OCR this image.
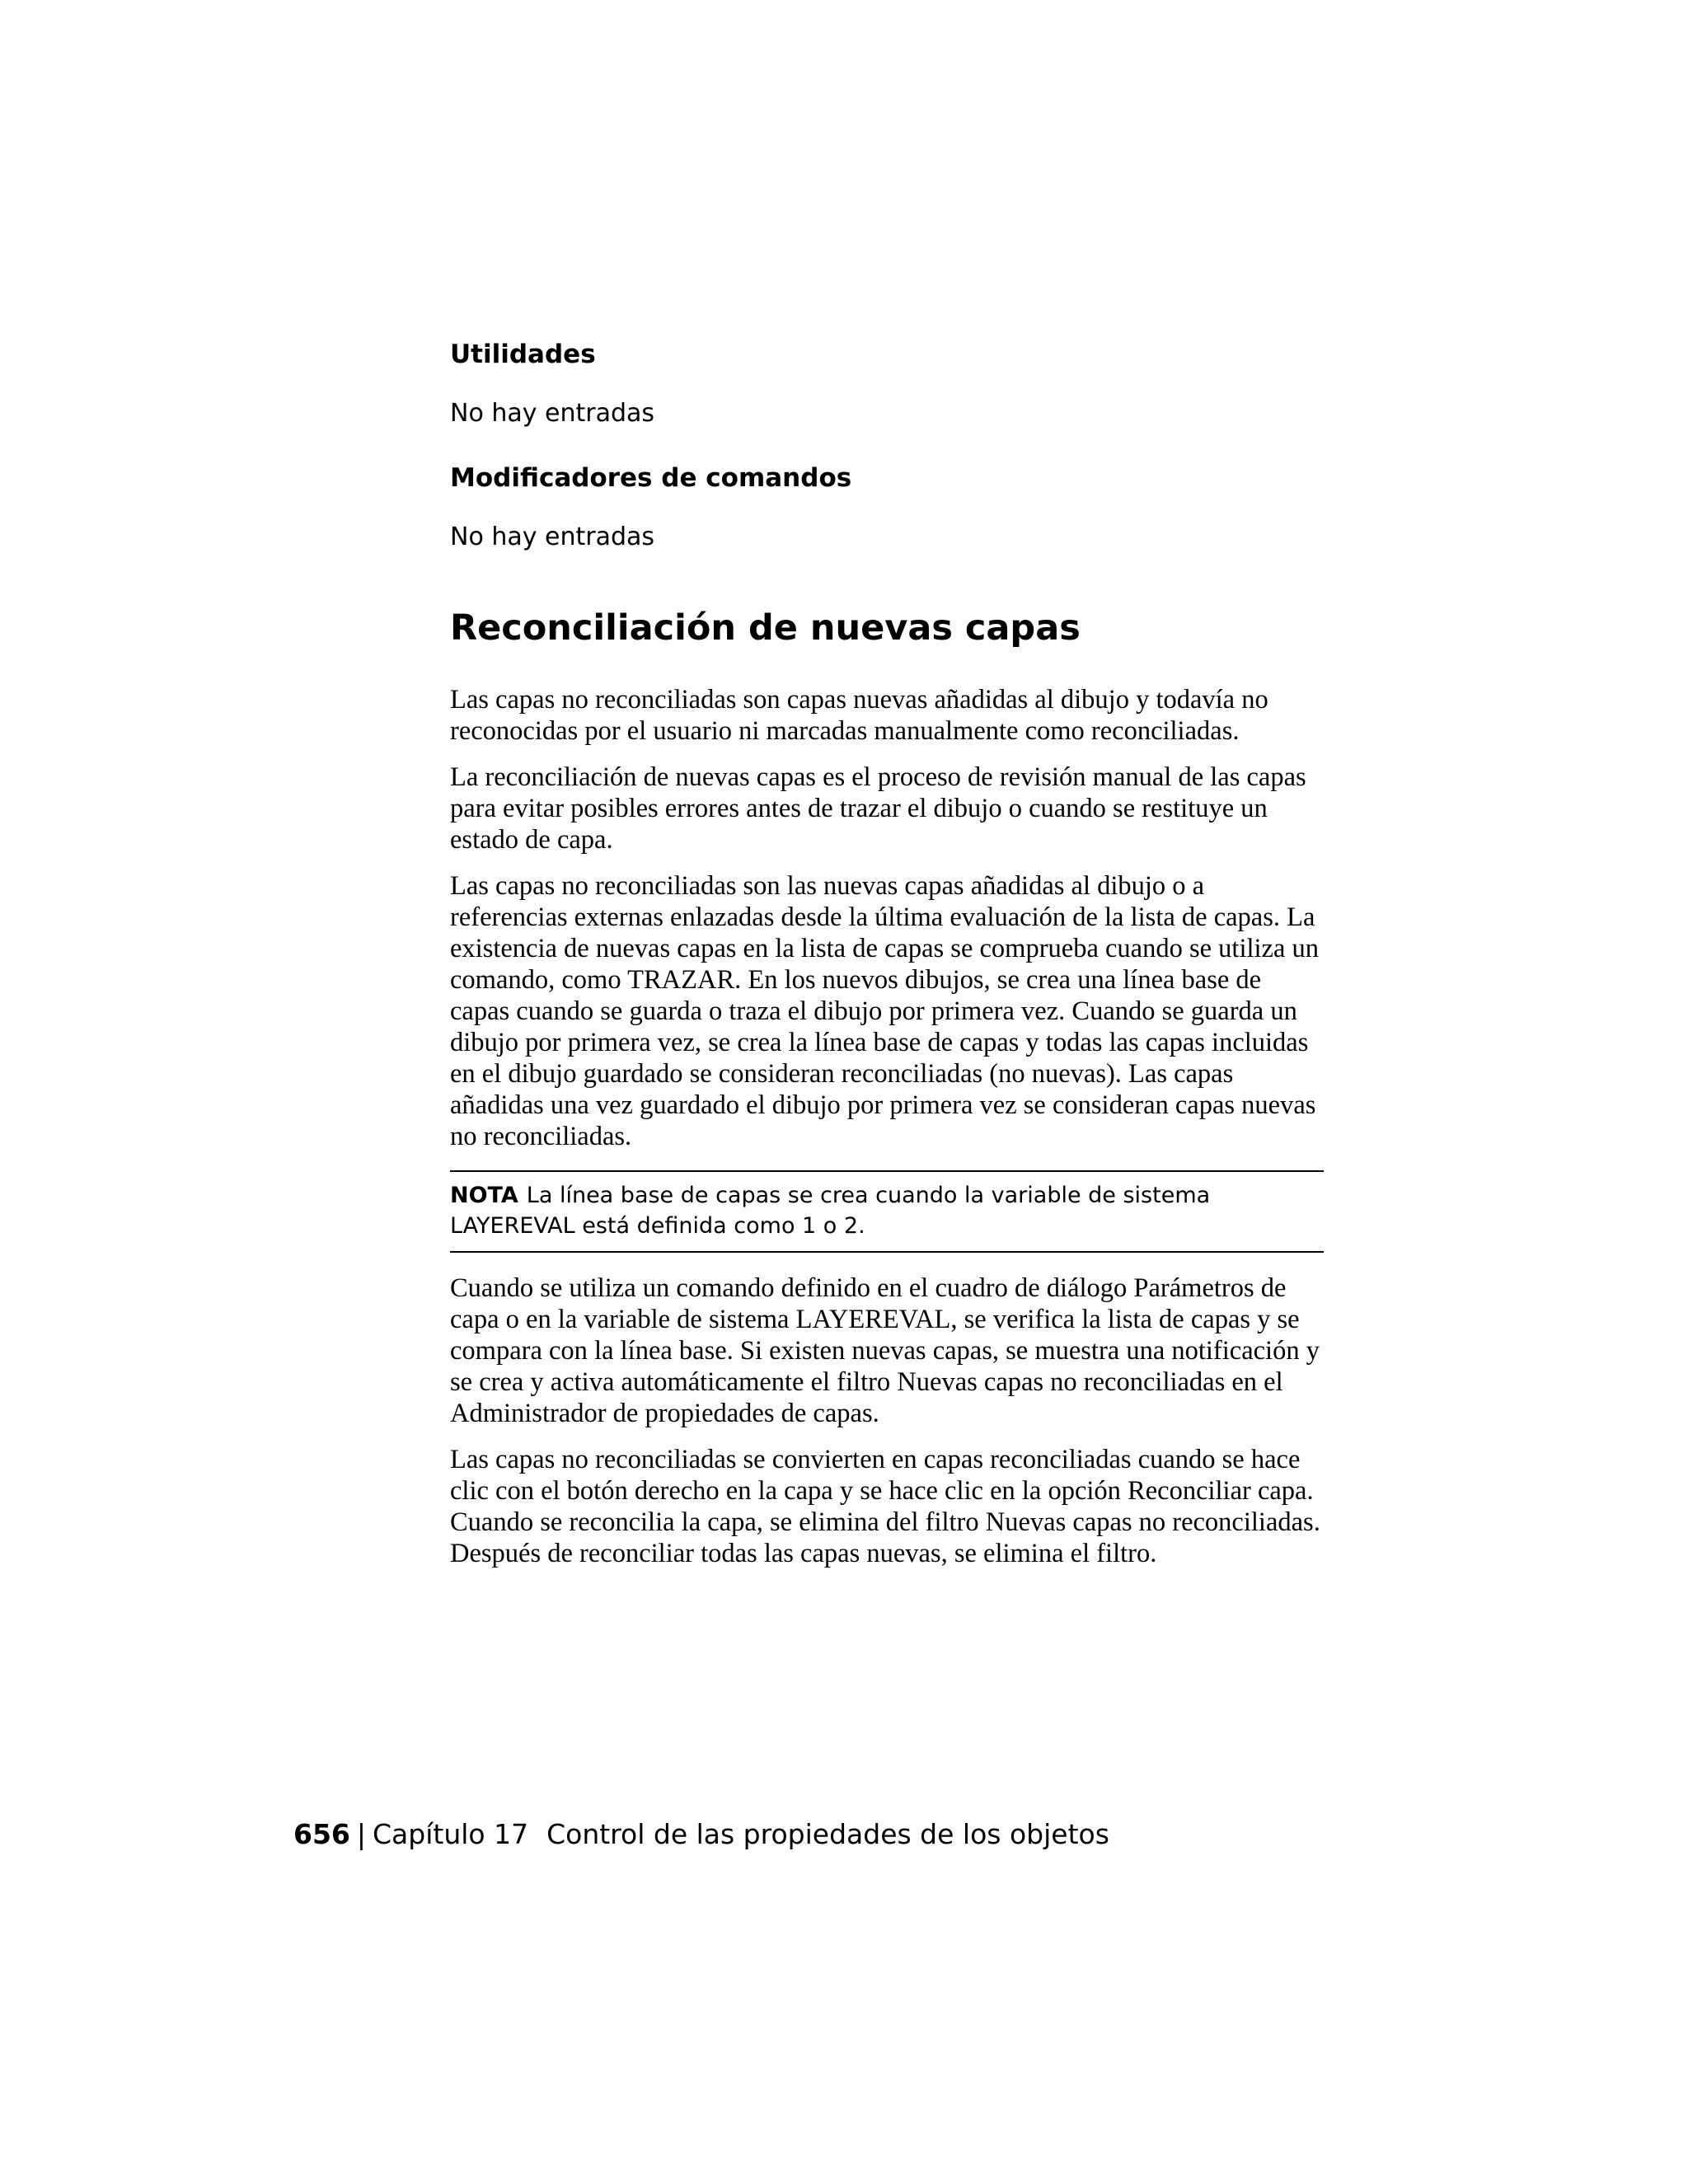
Utilidades

No hay entradas

Modificadores de comandos

No hay entradas

Reconciliación de nuevas capas

Las capas no reconciliadas son capas nuevas añadidas al dibujo y todavía no reconocidas por el usuario ni marcadas manualmente como reconciliadas.

La reconciliación de nuevas capas es el proceso de revisión manual de las capas para evitar posibles errores antes de trazar el dibujo o cuando se restituye un estado de capa.

Las capas no reconciliadas son las nuevas capas añadidas al dibujo o a referencias externas enlazadas desde la última evaluación de la lista de capas. La existencia de nuevas capas en la lista de capas se comprueba cuando se utiliza un comando, como TRAZAR. En los nuevos dibujos, se crea una línea base de capas cuando se guarda o traza el dibujo por primera vez. Cuando se guarda un dibujo por primera vez, se crea la línea base de capas y todas las capas incluidas en el dibujo guardado se consideran reconciliadas (no nuevas). Las capas añadidas una vez guardado el dibujo por primera vez se consideran capas nuevas no reconciliadas.

NOTA La línea base de capas se crea cuando la variable de sistema LAYEREVAL está definida como 1 o 2.

Cuando se utiliza un comando definido en el cuadro de diálogo Parámetros de capa o en la variable de sistema LAYEREVAL, se verifica la lista de capas y se compara con la línea base. Si existen nuevas capas, se muestra una notificación y se crea y activa automáticamente el filtro Nuevas capas no reconciliadas en el Administrador de propiedades de capas.

Las capas no reconciliadas se convierten en capas reconciliadas cuando se hace clic con el botón derecho en la capa y se hace clic en la opción Reconciliar capa. Cuando se reconcilia la capa, se elimina del filtro Nuevas capas no reconciliadas. Después de reconciliar todas las capas nuevas, se elimina el filtro.

656 | Capítulo 17 Control de las propiedades de los objetos
